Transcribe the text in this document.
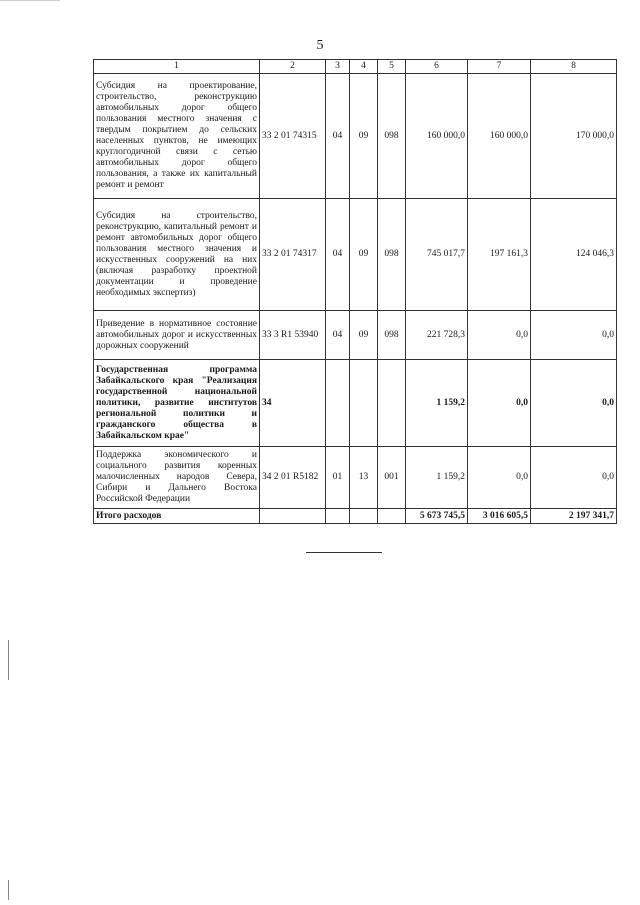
5
1	2	3	4	5	6	7	8
Субсидия на проектирование, строительство, реконструкцию автомобильных дорог общего пользования местного значения с твердым покрытием до сельских населенных пунктов, не имеющих круглогодичной связи с сетью автомобильных дорог общего пользования, а также их капитальный ремонт и ремонт	33 2 01 74315	04	09	098	160 000,0	160 000,0	170 000,0
Субсидия на строительство, реконструкцию, капитальный ремонт и ремонт автомобильных дорог общего пользования местного значения и искусственных сооружений на них (включая разработку проектной документации и проведение необходимых экспертиз)	33 2 01 74317	04	09	098	745 017,7	197 161,3	124 046,3
Приведение в нормативное состояние автомобильных дорог и искусственных дорожных сооружений	33 3 R1 53940	04	09	098	221 728,3	0,0	0,0
Государственная программа Забайкальского края "Реализация государственной национальной политики, развитие институтов региональной политики и гражданского общества в Забайкальском крае"	34				1 159,2	0,0	0,0
Поддержка экономического и социального развития коренных малочисленных народов Севера, Сибири и Дальнего Востока Российской Федерации	34 2 01 R5182	01	13	001	1 159,2	0,0	0,0
Итого расходов					5 673 745,5	3 016 605,5	2 197 341,7
